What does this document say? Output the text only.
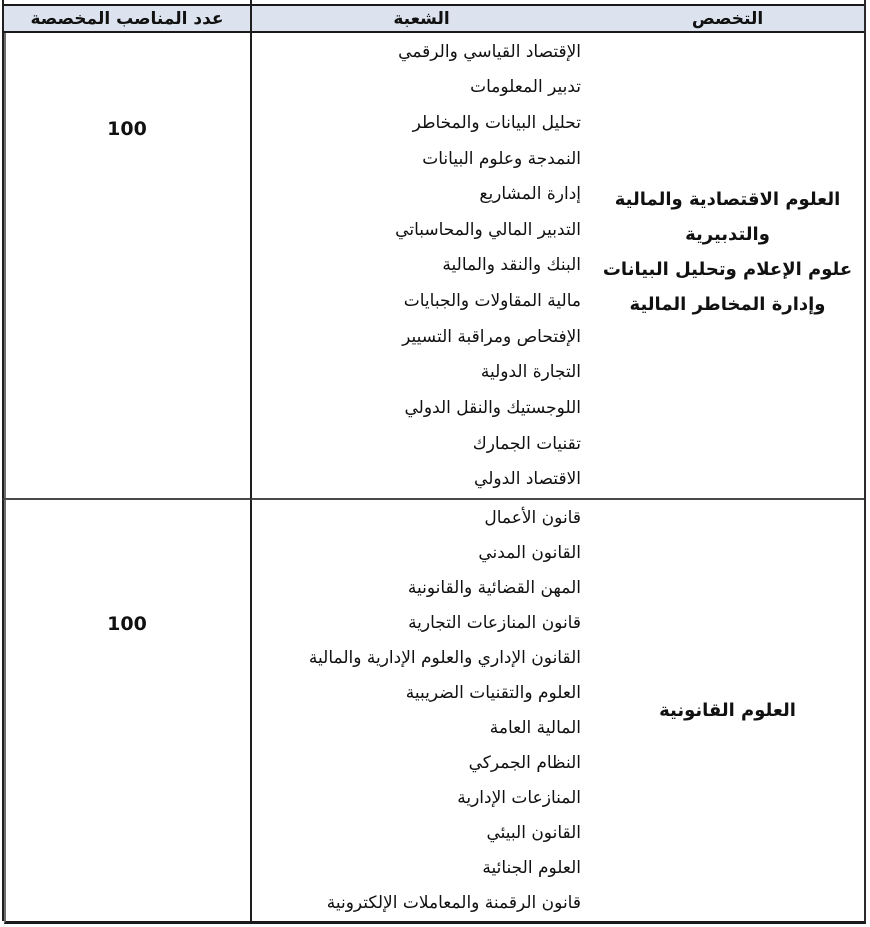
التخصص
الشعبة
عدد المناصب المخصصة
العلوم الاقتصادية والمالية
والتدبيرية
علوم الإعلام وتحليل البيانات
وإدارة المخاطر المالية
الإقتصاد القياسي والرقمي
تدبير المعلومات
تحليل البيانات والمخاطر
النمدجة وعلوم البيانات
إدارة المشاريع
التدبير المالي والمحاسباتي
البنك والنقد والمالية
مالية المقاولات والجبايات
الإفتحاص ومراقبة التسيير
التجارة الدولية
اللوجستيك والنقل الدولي
تقنيات الجمارك
الاقتصاد الدولي
100
العلوم القانونية
قانون الأعمال
القانون المدني
المهن القضائية والقانونية
قانون المنازعات التجارية
القانون الإداري والعلوم الإدارية والمالية
العلوم والتقنيات الضريبية
المالية العامة
النظام الجمركي
المنازعات الإدارية
القانون البيئي
العلوم الجنائية
قانون الرقمنة والمعاملات الإلكترونية
100
